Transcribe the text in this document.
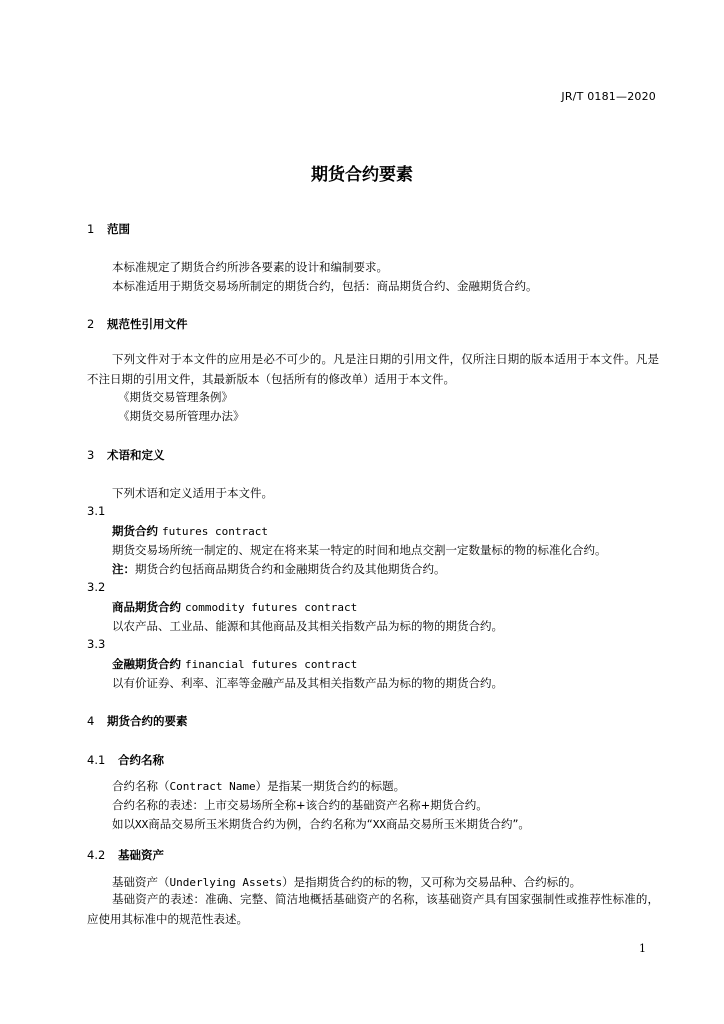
JR/T 0181—2020
期货合约要素
1 范围
本标准规定了期货合约所涉各要素的设计和编制要求。
本标准适用于期货交易场所制定的期货合约，包括：商品期货合约、金融期货合约。
2 规范性引用文件
下列文件对于本文件的应用是必不可少的。凡是注日期的引用文件，仅所注日期的版本适用于本文件。凡是不注日期的引用文件，其最新版本（包括所有的修改单）适用于本文件。
《期货交易管理条例》
《期货交易所管理办法》
3 术语和定义
下列术语和定义适用于本文件。
3.1
期货合约 futures contract
期货交易场所统一制定的、规定在将来某一特定的时间和地点交割一定数量标的物的标准化合约。
注：期货合约包括商品期货合约和金融期货合约及其他期货合约。
3.2
商品期货合约 commodity futures contract
以农产品、工业品、能源和其他商品及其相关指数产品为标的物的期货合约。
3.3
金融期货合约 financial futures contract
以有价证券、利率、汇率等金融产品及其相关指数产品为标的物的期货合约。
4 期货合约的要素
4.1 合约名称
合约名称（Contract Name）是指某一期货合约的标题。
合约名称的表述：上市交易场所全称+该合约的基础资产名称+期货合约。
如以XX商品交易所玉米期货合约为例，合约名称为“XX商品交易所玉米期货合约”。
4.2 基础资产
基础资产（Underlying Assets）是指期货合约的标的物，又可称为交易品种、合约标的。
基础资产的表述：准确、完整、简洁地概括基础资产的名称，该基础资产具有国家强制性或推荐性标准的，应使用其标准中的规范性表述。
1
